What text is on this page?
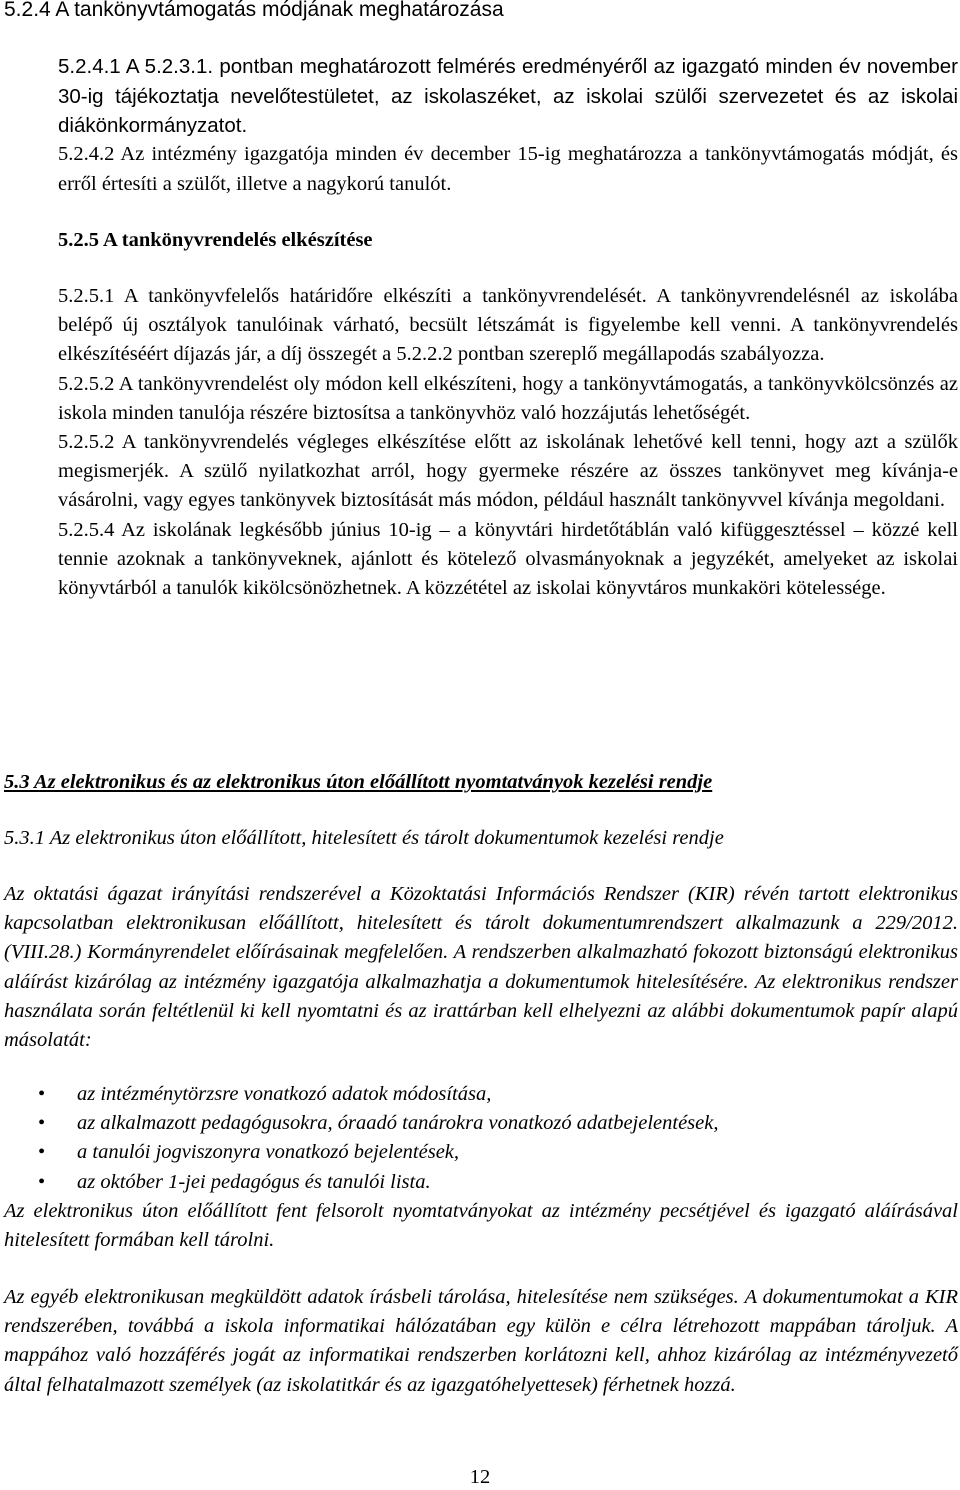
5.2.4 A tankönyvtámogatás módjának meghatározása

5.2.4.1 A 5.2.3.1. pontban meghatározott felmérés eredményéről az igazgató minden év november 30-ig tájékoztatja nevelőtestületet, az iskolaszéket, az iskolai szülői szervezetet és az iskolai diákönkormányzatot.

5.2.4.2 Az intézmény igazgatója minden év december 15-ig meghatározza a tankönyvtámogatás módját, és erről értesíti a szülőt, illetve a nagykorú tanulót.

5.2.5 A tankönyvrendelés elkészítése

5.2.5.1 A tankönyvfelelős határidőre elkészíti a tankönyvrendelését. A tankönyvrendelésnél az iskolába belépő új osztályok tanulóinak várható, becsült létszámát is figyelembe kell venni. A tankönyvrendelés elkészítéséért díjazás jár, a díj összegét a 5.2.2.2 pontban szereplő megállapodás szabályozza.

5.2.5.2 A tankönyvrendelést oly módon kell elkészíteni, hogy a tankönyvtámogatás, a tankönyvkölcsönzés az iskola minden tanulója részére biztosítsa a tankönyvhöz való hozzájutás lehetőségét.

5.2.5.2 A tankönyvrendelés végleges elkészítése előtt az iskolának lehetővé kell tenni, hogy azt a szülők megismerjék. A szülő nyilatkozhat arról, hogy gyermeke részére az összes tankönyvet meg kívánja-e vásárolni, vagy egyes tankönyvek biztosítását más módon, például használt tankönyvvel kívánja megoldani.

5.2.5.4 Az iskolának legkésőbb június 10-ig – a könyvtári hirdetőtáblán való kifüggesztéssel – közzé kell tennie azoknak a tankönyveknek, ajánlott és kötelező olvasmányoknak a jegyzékét, amelyeket az iskolai könyvtárból a tanulók kikölcsönözhetnek. A közzététel az iskolai könyvtáros munkaköri kötelessége.

5.3 Az elektronikus és az elektronikus úton előállított nyomtatványok kezelési rendje

5.3.1 Az elektronikus úton előállított, hitelesített és tárolt dokumentumok kezelési rendje

Az oktatási ágazat irányítási rendszerével a Közoktatási Információs Rendszer (KIR) révén tartott elektronikus kapcsolatban elektronikusan előállított, hitelesített és tárolt dokumentumrendszert alkalmazunk a 229/2012. (VIII.28.) Kormányrendelet előírásainak megfelelően. A rendszerben alkalmazható fokozott biztonságú elektronikus aláírást kizárólag az intézmény igazgatója alkalmazhatja a dokumentumok hitelesítésére. Az elektronikus rendszer használata során feltétlenül ki kell nyomtatni és az irattárban kell elhelyezni az alábbi dokumentumok papír alapú másolatát:

• az intézménytörzsre vonatkozó adatok módosítása,
• az alkalmazott pedagógusokra, óraadó tanárokra vonatkozó adatbejelentések,
• a tanulói jogviszonyra vonatkozó bejelentések,
• az október 1-jei pedagógus és tanulói lista.

Az elektronikus úton előállított fent felsorolt nyomtatványokat az intézmény pecsétjével és igazgató aláírásával hitelesített formában kell tárolni.

Az egyéb elektronikusan megküldött adatok írásbeli tárolása, hitelesítése nem szükséges. A dokumentumokat a KIR rendszerében, továbbá a iskola informatikai hálózatában egy külön e célra létrehozott mappában tároljuk. A mappához való hozzáférés jogát az informatikai rendszerben korlátozni kell, ahhoz kizárólag az intézményvezető által felhatalmazott személyek (az iskolatitkár és az igazgatóhelyettesek) férhetnek hozzá.

12
